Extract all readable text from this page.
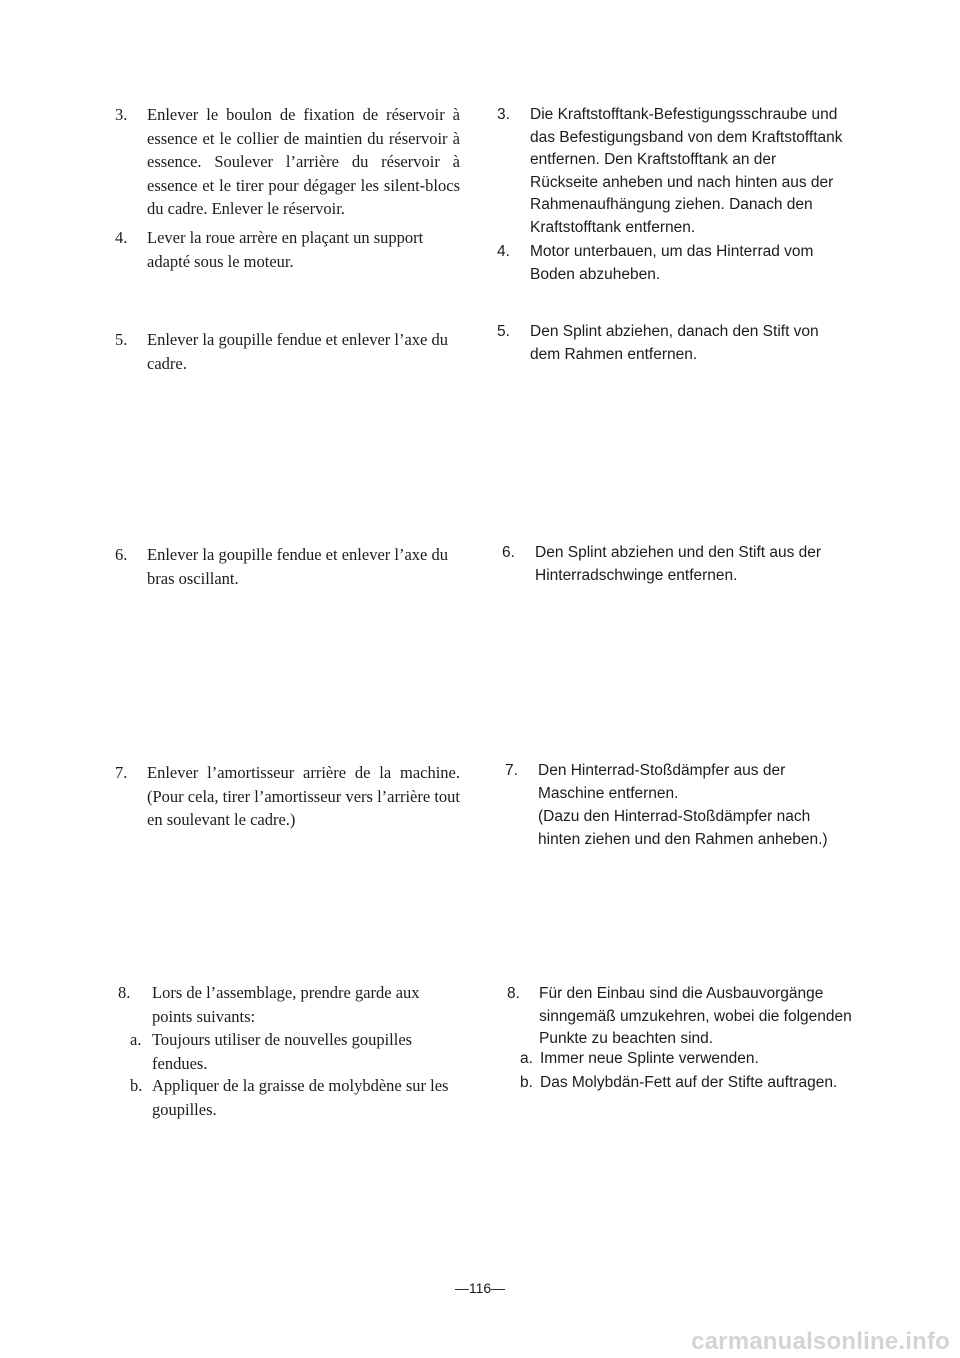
3. Enlever le boulon de fixation de réservoir à essence et le collier de maintien du réservoir à essence. Soulever l’arrière du réservoir à essence et le tirer pour dégager les silent-blocs du cadre. Enlever le réservoir.
4. Lever la roue arrère en plaçant un support adapté sous le moteur.
5. Enlever la goupille fendue et enlever l’axe du cadre.
6. Enlever la goupille fendue et enlever l’axe du bras oscillant.
7. Enlever l’amortisseur arrière de la machine. (Pour cela, tirer l’amortisseur vers l’arrière tout en soulevant le cadre.)
8. Lors de l’assemblage, prendre garde aux points suivants:
a. Toujours utiliser de nouvelles goupilles fendues.
b. Appliquer de la graisse de molybdène sur les goupilles.
3. Die Kraftstofftank-Befestigungsschraube und das Befestigungsband von dem Kraftstofftank entfernen. Den Kraftstofftank an der Rückseite anheben und nach hinten aus der Rahmenaufhängung ziehen. Danach den Kraftstofftank entfernen.
4. Motor unterbauen, um das Hinterrad vom Boden abzuheben.
5. Den Splint abziehen, danach den Stift von dem Rahmen entfernen.
6. Den Splint abziehen und den Stift aus der Hinterradschwinge entfernen.
7. Den Hinterrad-Stoßdämpfer aus der Maschine entfernen.
(Dazu den Hinterrad-Stoßdämpfer nach hinten ziehen und den Rahmen anheben.)
8. Für den Einbau sind die Ausbauvorgänge sinngemäß umzukehren, wobei die folgenden Punkte zu beachten sind.
a. Immer neue Splinte verwenden.
b. Das Molybdän-Fett auf der Stifte auftragen.
—116—
carmanualsonline.info
